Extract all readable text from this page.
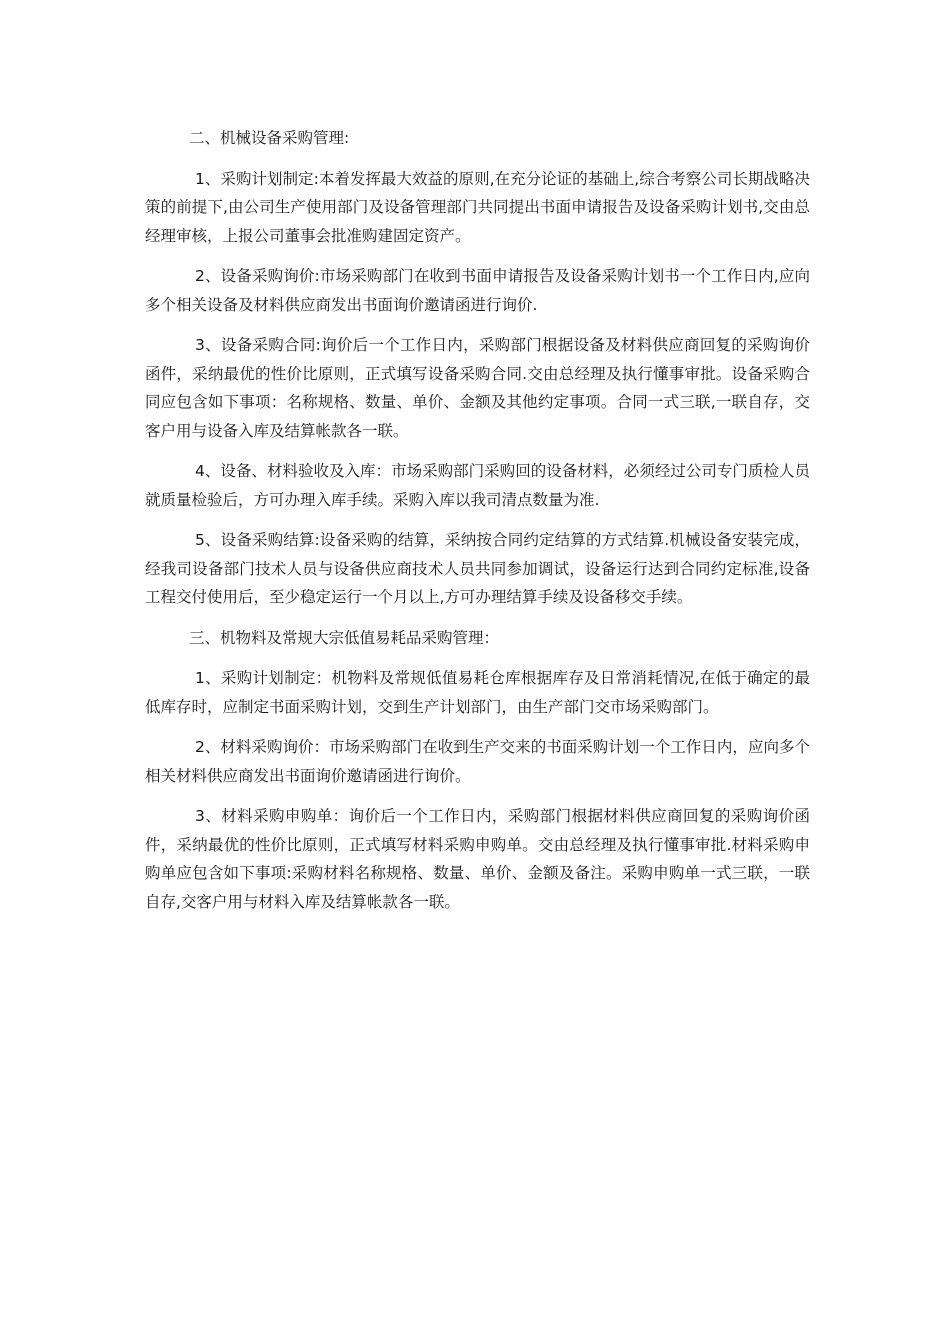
二、机械设备采购管理:

1、采购计划制定:本着发挥最大效益的原则,在充分论证的基础上,综合考察公司长期战略决策的前提下,由公司生产使用部门及设备管理部门共同提出书面申请报告及设备采购计划书,交由总经理审核，上报公司董事会批准购建固定资产。

2、设备采购询价:市场采购部门在收到书面申请报告及设备采购计划书一个工作日内,应向多个相关设备及材料供应商发出书面询价邀请函进行询价.

3、设备采购合同:询价后一个工作日内，采购部门根据设备及材料供应商回复的采购询价函件，采纳最优的性价比原则，正式填写设备采购合同.交由总经理及执行懂事审批。设备采购合同应包含如下事项：名称规格、数量、单价、金额及其他约定事项。合同一式三联,一联自存，交客户用与设备入库及结算帐款各一联。

4、设备、材料验收及入库：市场采购部门采购回的设备材料，必须经过公司专门质检人员就质量检验后，方可办理入库手续。采购入库以我司清点数量为准.

5、设备采购结算:设备采购的结算，采纳按合同约定结算的方式结算.机械设备安装完成，经我司设备部门技术人员与设备供应商技术人员共同参加调试，设备运行达到合同约定标准,设备工程交付使用后，至少稳定运行一个月以上,方可办理结算手续及设备移交手续。

三、机物料及常规大宗低值易耗品采购管理：

1、采购计划制定：机物料及常规低值易耗仓库根据库存及日常消耗情况,在低于确定的最低库存时，应制定书面采购计划，交到生产计划部门，由生产部门交市场采购部门。

2、材料采购询价：市场采购部门在收到生产交来的书面采购计划一个工作日内，应向多个相关材料供应商发出书面询价邀请函进行询价。

3、材料采购申购单：询价后一个工作日内，采购部门根据材料供应商回复的采购询价函件，采纳最优的性价比原则，正式填写材料采购申购单。交由总经理及执行懂事审批.材料采购申购单应包含如下事项:采购材料名称规格、数量、单价、金额及备注。采购申购单一式三联，一联自存,交客户用与材料入库及结算帐款各一联。
